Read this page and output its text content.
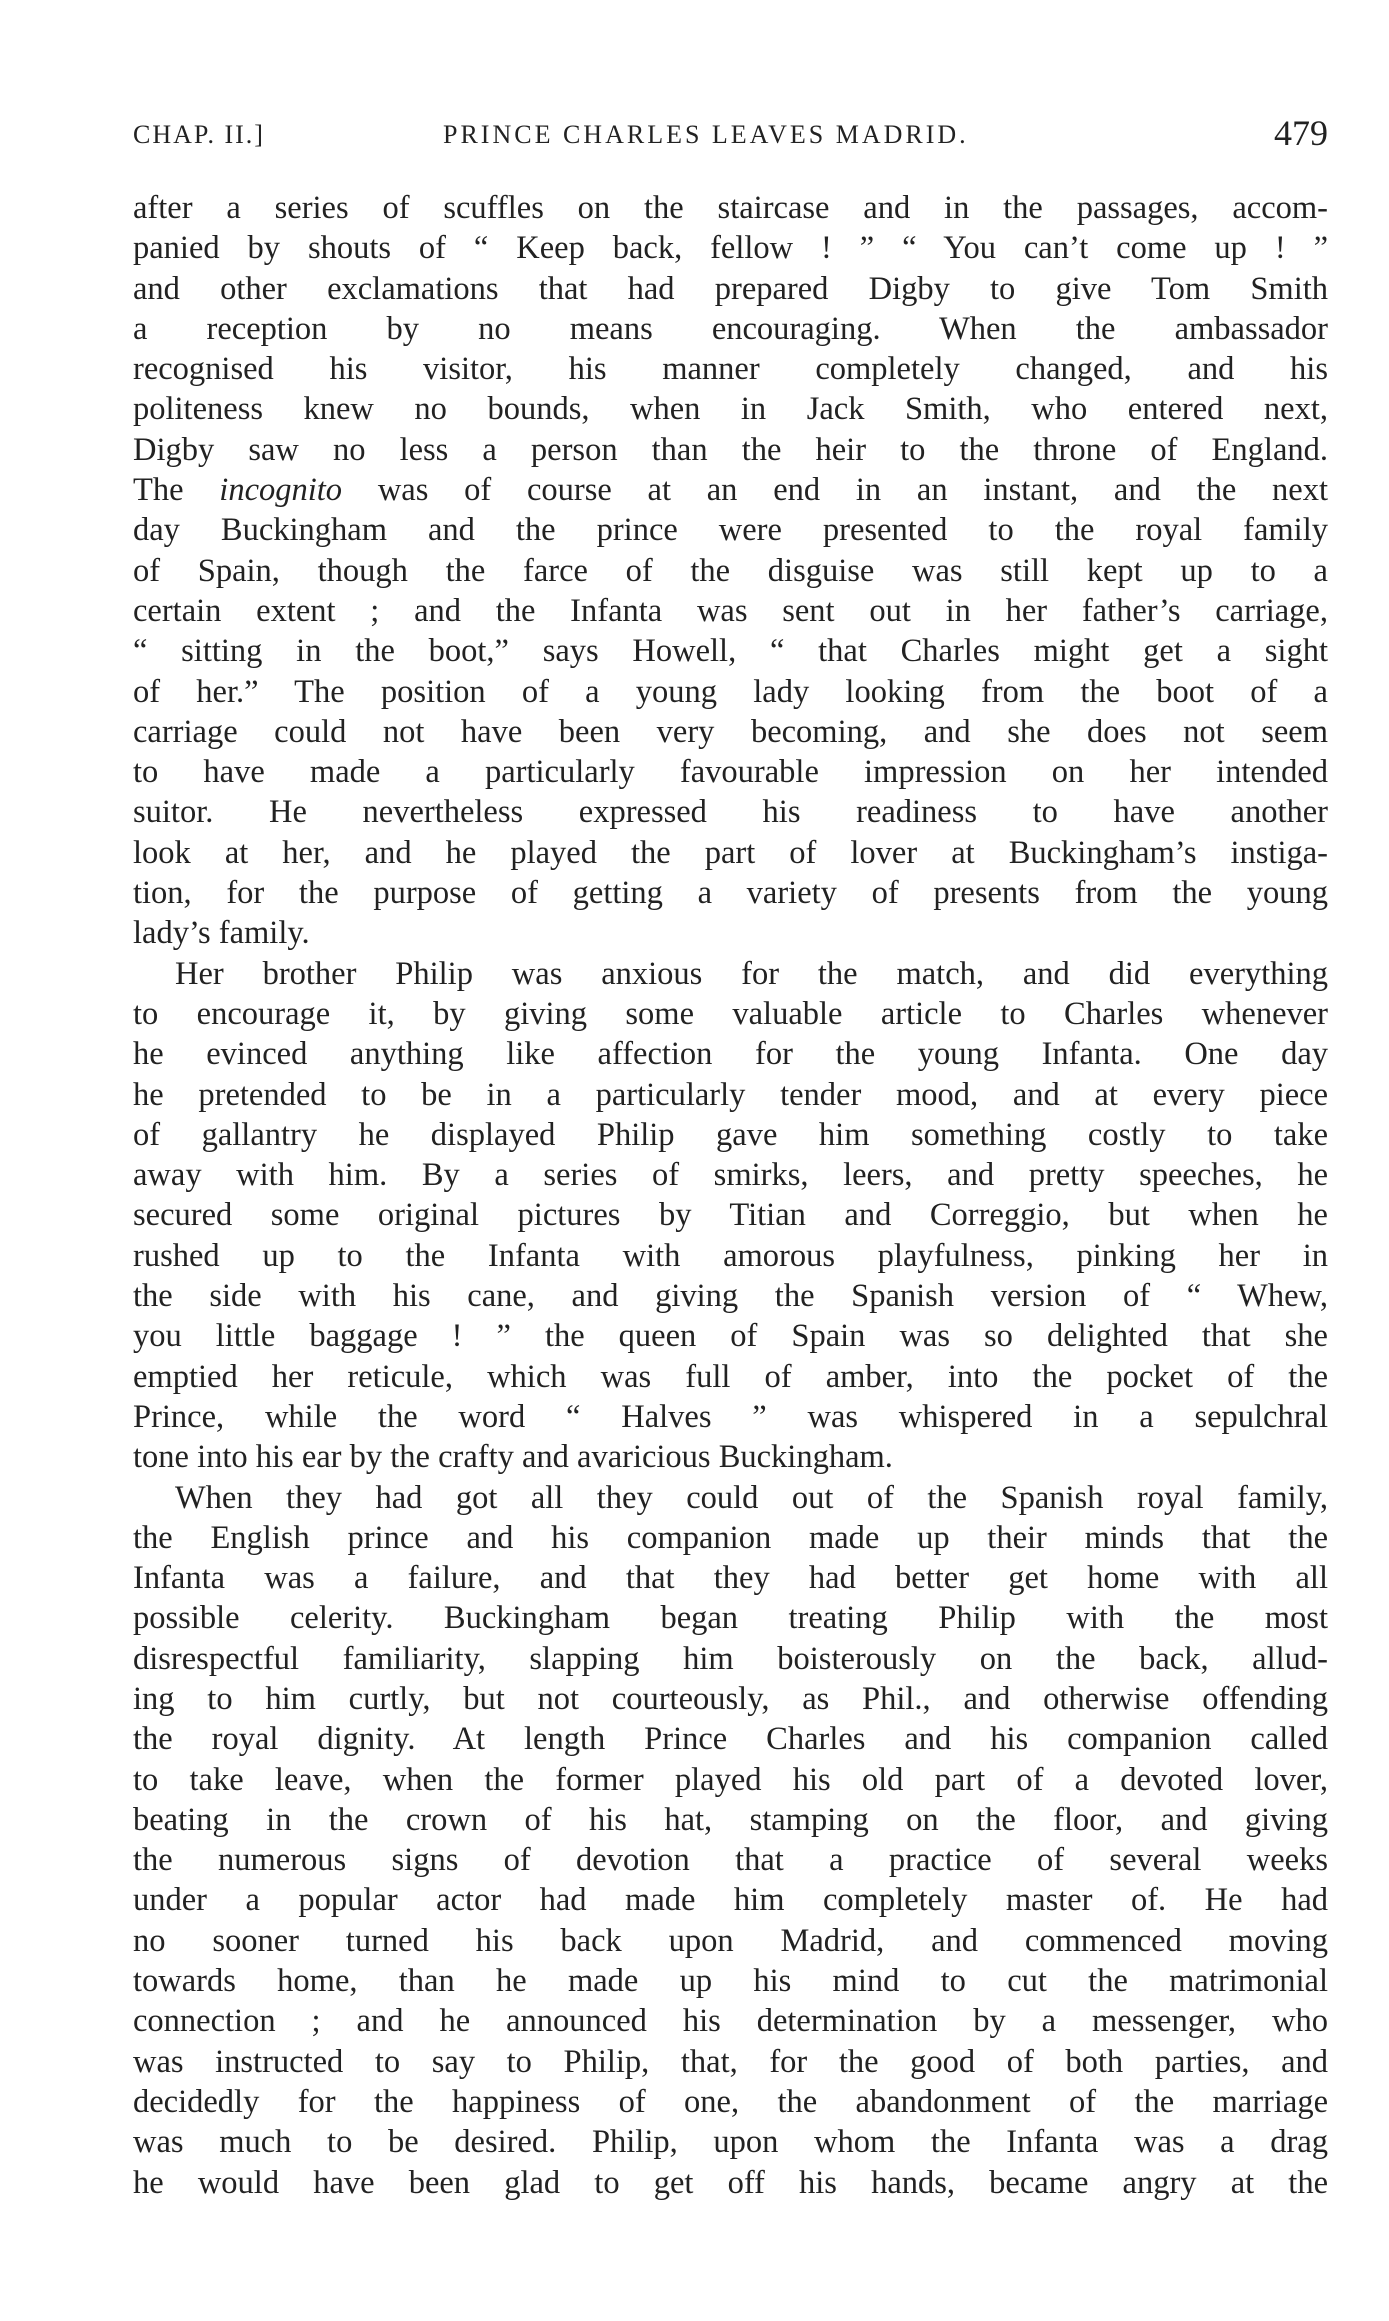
CHAP. II.]	PRINCE CHARLES LEAVES MADRID.	479
after a series of scuffles on the staircase and in the passages, accom-
panied by shouts of “ Keep back, fellow ! ” “ You can’t come up ! ”
and other exclamations that had prepared Digby to give Tom Smith
a reception by no means encouraging. When the ambassador
recognised his visitor, his manner completely changed, and his
politeness knew no bounds, when in Jack Smith, who entered next,
Digby saw no less a person than the heir to the throne of England.
The incognito was of course at an end in an instant, and the next
day Buckingham and the prince were presented to the royal family
of Spain, though the farce of the disguise was still kept up to a
certain extent ; and the Infanta was sent out in her father’s carriage,
“ sitting in the boot,” says Howell, “ that Charles might get a sight
of her.” The position of a young lady looking from the boot of a
carriage could not have been very becoming, and she does not seem
to have made a particularly favourable impression on her intended
suitor. He nevertheless expressed his readiness to have another
look at her, and he played the part of lover at Buckingham’s instiga-
tion, for the purpose of getting a variety of presents from the young
lady’s family.
Her brother Philip was anxious for the match, and did everything
to encourage it, by giving some valuable article to Charles whenever
he evinced anything like affection for the young Infanta. One day
he pretended to be in a particularly tender mood, and at every piece
of gallantry he displayed Philip gave him something costly to take
away with him. By a series of smirks, leers, and pretty speeches, he
secured some original pictures by Titian and Correggio, but when he
rushed up to the Infanta with amorous playfulness, pinking her in
the side with his cane, and giving the Spanish version of “ Whew,
you little baggage ! ” the queen of Spain was so delighted that she
emptied her reticule, which was full of amber, into the pocket of the
Prince, while the word “ Halves ” was whispered in a sepulchral
tone into his ear by the crafty and avaricious Buckingham.
When they had got all they could out of the Spanish royal family,
the English prince and his companion made up their minds that the
Infanta was a failure, and that they had better get home with all
possible celerity. Buckingham began treating Philip with the most
disrespectful familiarity, slapping him boisterously on the back, allud-
ing to him curtly, but not courteously, as Phil., and otherwise offending
the royal dignity. At length Prince Charles and his companion called
to take leave, when the former played his old part of a devoted lover,
beating in the crown of his hat, stamping on the floor, and giving
the numerous signs of devotion that a practice of several weeks
under a popular actor had made him completely master of. He had
no sooner turned his back upon Madrid, and commenced moving
towards home, than he made up his mind to cut the matrimonial
connection ; and he announced his determination by a messenger, who
was instructed to say to Philip, that, for the good of both parties, and
decidedly for the happiness of one, the abandonment of the marriage
was much to be desired. Philip, upon whom the Infanta was a drag
he would have been glad to get off his hands, became angry at the
